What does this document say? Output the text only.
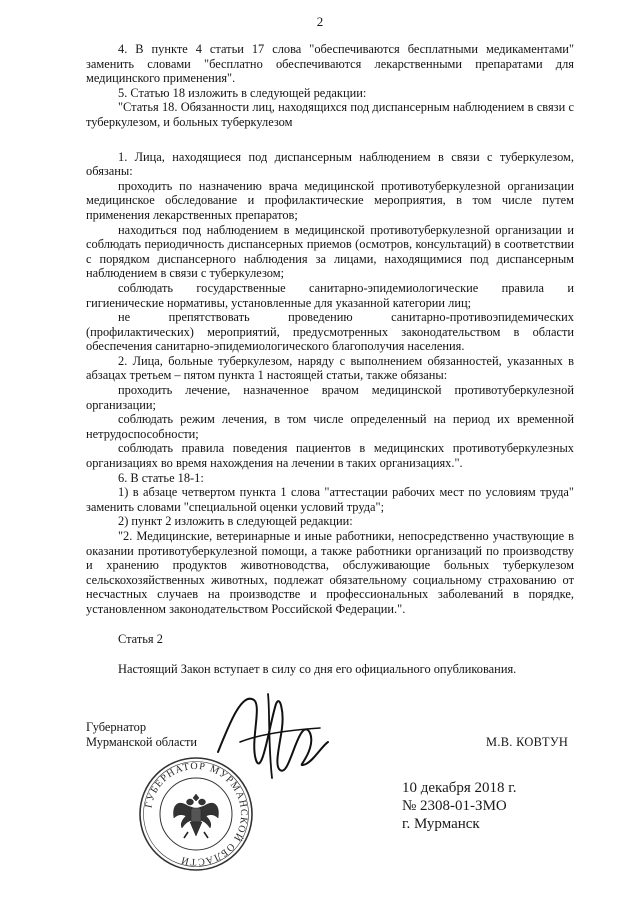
2

4. В пункте 4 статьи 17 слова "обеспечиваются бесплатными медикаментами" заменить словами "бесплатно обеспечиваются лекарственными препаратами для медицинского применения".

5. Статью 18 изложить в следующей редакции:

"Статья 18. Обязанности лиц, находящихся под диспансерным наблюдением в связи с туберкулезом, и больных туберкулезом

1. Лица, находящиеся под диспансерным наблюдением в связи с туберкулезом, обязаны:

проходить по назначению врача медицинской противотуберкулезной организации медицинское обследование и профилактические мероприятия, в том числе путем применения лекарственных препаратов;

находиться под наблюдением в медицинской противотуберкулезной организации и соблюдать периодичность диспансерных приемов (осмотров, консультаций) в соответствии с порядком диспансерного наблюдения за лицами, находящимися под диспансерным наблюдением в связи с туберкулезом;

соблюдать государственные санитарно-эпидемиологические правила и гигиенические нормативы, установленные для указанной категории лиц;

не препятствовать проведению санитарно-противоэпидемических (профилактических) мероприятий, предусмотренных законодательством в области обеспечения санитарно-эпидемиологического благополучия населения.

2. Лица, больные туберкулезом, наряду с выполнением обязанностей, указанных в абзацах третьем – пятом пункта 1 настоящей статьи, также обязаны:

проходить лечение, назначенное врачом медицинской противотуберкулезной организации;

соблюдать режим лечения, в том числе определенный на период их временной нетрудоспособности;

соблюдать правила поведения пациентов в медицинских противотуберкулезных организациях во время нахождения на лечении в таких организациях.".

6. В статье 18-1:

1) в абзаце четвертом пункта 1 слова "аттестации рабочих мест по условиям труда" заменить словами "специальной оценки условий труда";

2) пункт 2 изложить в следующей редакции:

"2. Медицинские, ветеринарные и иные работники, непосредственно участвующие в оказании противотуберкулезной помощи, а также работники организаций по производству и хранению продуктов животноводства, обслуживающие больных туберкулезом сельскохозяйственных животных, подлежат обязательному социальному страхованию от несчастных случаев на производстве и профессиональных заболеваний в порядке, установленном законодательством Российской Федерации.".

Статья 2
Настоящий Закон вступает в силу со дня его официального опубликования.
Губернатор
Мурманской области	М.В. КОВТУН
ГУБЕРНАТОР МУРМАНСКОЙ ОБЛАСТИ
10 декабря 2018 г.
№ 2308-01-ЗМО
г. Мурманск
